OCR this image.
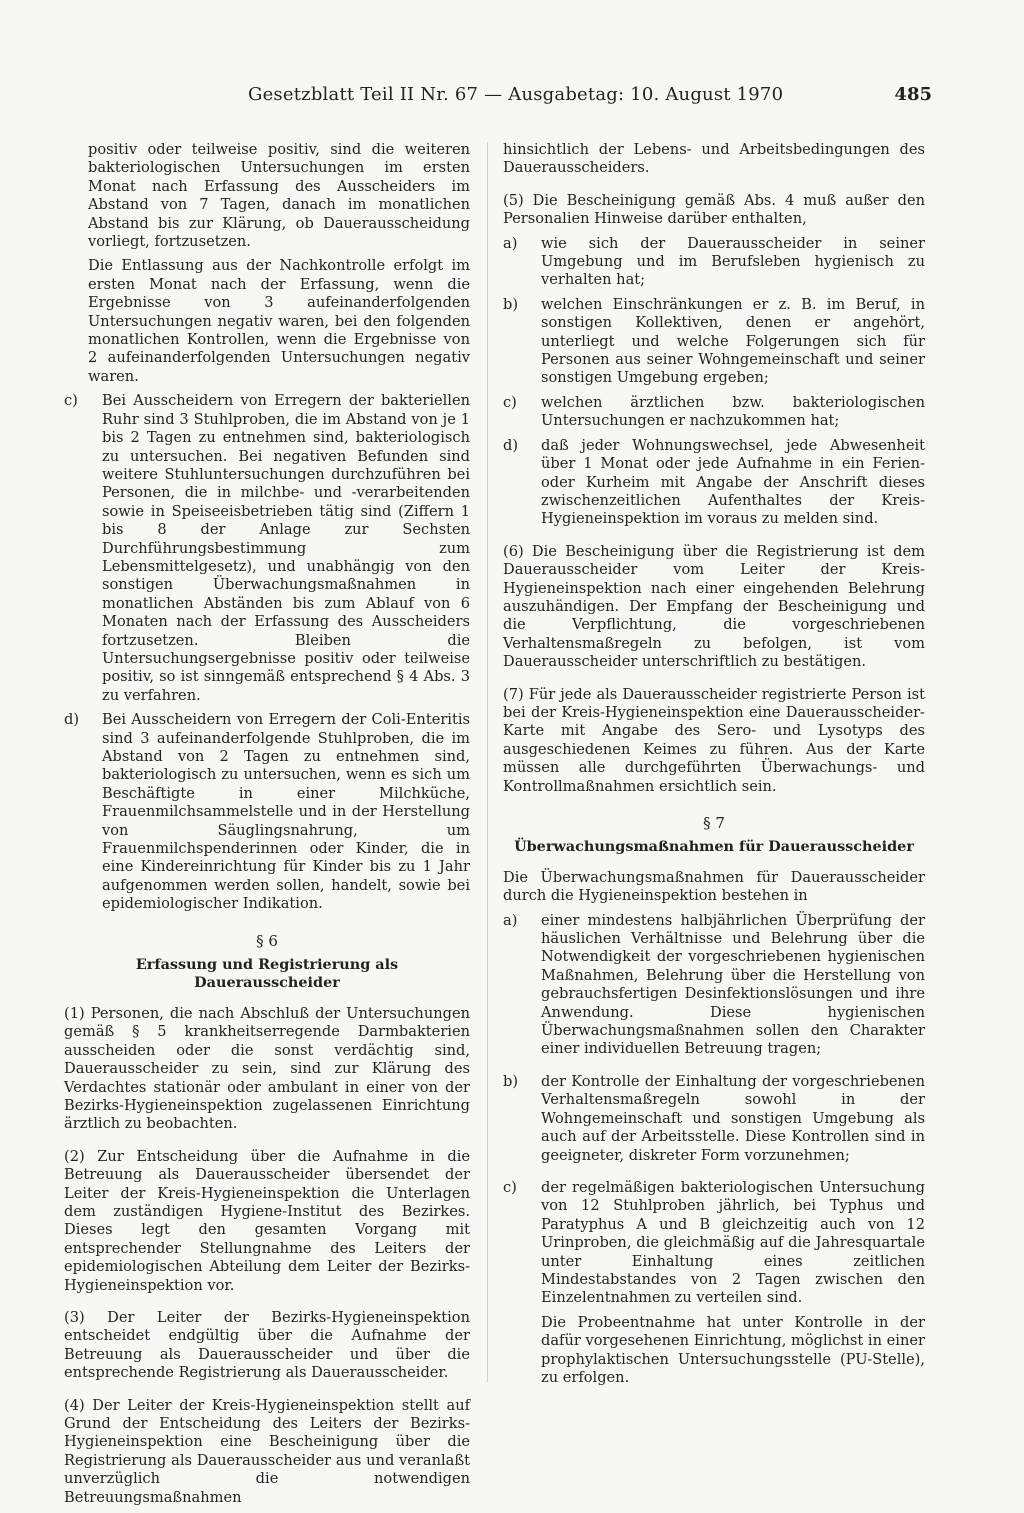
Gesetzblatt Teil II Nr. 67 — Ausgabetag: 10. August 1970	485

positiv oder teilweise positiv, sind die weiteren bakteriologischen Untersuchungen im ersten Monat nach Erfassung des Ausscheiders im Abstand von 7 Tagen, danach im monatlichen Abstand bis zur Klärung, ob Dauerausscheidung vorliegt, fortzusetzen.

Die Entlassung aus der Nachkontrolle erfolgt im ersten Monat nach der Erfassung, wenn die Ergebnisse von 3 aufeinanderfolgenden Untersuchungen negativ waren, bei den folgenden monatlichen Kontrollen, wenn die Ergebnisse von 2 aufeinanderfolgenden Untersuchungen negativ waren.

c)	Bei Ausscheidern von Erregern der bakteriellen Ruhr sind 3 Stuhlproben, die im Abstand von je 1 bis 2 Tagen zu entnehmen sind, bakteriologisch zu untersuchen. Bei negativen Befunden sind weitere Stuhluntersuchungen durchzuführen bei Personen, die in milchbe- und -verarbeitenden sowie in Speiseeisbetrieben tätig sind (Ziffern 1 bis 8 der Anlage zur Sechsten Durchführungsbestimmung zum Lebensmittelgesetz), und unabhängig von den sonstigen Überwachungsmaßnahmen in monatlichen Abständen bis zum Ablauf von 6 Monaten nach der Erfassung des Ausscheiders fortzusetzen. Bleiben die Untersuchungsergebnisse positiv oder teilweise positiv, so ist sinngemäß entsprechend § 4 Abs. 3 zu verfahren.
d)	Bei Ausscheidern von Erregern der Coli-Enteritis sind 3 aufeinanderfolgende Stuhlproben, die im Abstand von 2 Tagen zu entnehmen sind, bakteriologisch zu untersuchen, wenn es sich um Beschäftigte in einer Milchküche, Frauenmilchsammelstelle und in der Herstellung von Säuglingsnahrung, um Frauenmilchspenderinnen oder Kinder, die in eine Kindereinrichtung für Kinder bis zu 1 Jahr aufgenommen werden sollen, handelt, sowie bei epidemiologischer Indikation.
§ 6
Erfassung und Registrierung als Dauerausscheider

(1) Personen, die nach Abschluß der Untersuchungen gemäß § 5 krankheitserregende Darmbakterien ausscheiden oder die sonst verdächtig sind, Dauerausscheider zu sein, sind zur Klärung des Verdachtes stationär oder ambulant in einer von der Bezirks-Hygieneinspektion zugelassenen Einrichtung ärztlich zu beobachten.

(2) Zur Entscheidung über die Aufnahme in die Betreuung als Dauerausscheider übersendet der Leiter der Kreis-Hygieneinspektion die Unterlagen dem zuständigen Hygiene-Institut des Bezirkes. Dieses legt den gesamten Vorgang mit entsprechender Stellungnahme des Leiters der epidemiologischen Abteilung dem Leiter der Bezirks-Hygieneinspektion vor.

(3) Der Leiter der Bezirks-Hygieneinspektion entscheidet endgültig über die Aufnahme der Betreuung als Dauerausscheider und über die entsprechende Registrierung als Dauerausscheider.

(4) Der Leiter der Kreis-Hygieneinspektion stellt auf Grund der Entscheidung des Leiters der Bezirks-Hygieneinspektion eine Bescheinigung über die Registrierung als Dauerausscheider aus und veranlaßt unverzüglich die notwendigen Betreuungsmaßnahmen

hinsichtlich der Lebens- und Arbeitsbedingungen des Dauerausscheiders.

(5) Die Bescheinigung gemäß Abs. 4 muß außer den Personalien Hinweise darüber enthalten,

a)	wie sich der Dauerausscheider in seiner Umgebung und im Berufsleben hygienisch zu verhalten hat;
b)	welchen Einschränkungen er z. B. im Beruf, in sonstigen Kollektiven, denen er angehört, unterliegt und welche Folgerungen sich für Personen aus seiner Wohngemeinschaft und seiner sonstigen Umgebung ergeben;
c)	welchen ärztlichen bzw. bakteriologischen Untersuchungen er nachzukommen hat;
d)	daß jeder Wohnungswechsel, jede Abwesenheit über 1 Monat oder jede Aufnahme in ein Ferien- oder Kurheim mit Angabe der Anschrift dieses zwischenzeitlichen Aufenthaltes der Kreis-Hygieneinspektion im voraus zu melden sind.

(6) Die Bescheinigung über die Registrierung ist dem Dauerausscheider vom Leiter der Kreis-Hygieneinspektion nach einer eingehenden Belehrung auszuhändigen. Der Empfang der Bescheinigung und die Verpflichtung, die vorgeschriebenen Verhaltensmaßregeln zu befolgen, ist vom Dauerausscheider unterschriftlich zu bestätigen.

(7) Für jede als Dauerausscheider registrierte Person ist bei der Kreis-Hygieneinspektion eine Dauerausscheider-Karte mit Angabe des Sero- und Lysotyps des ausgeschiedenen Keimes zu führen. Aus der Karte müssen alle durchgeführten Überwachungs- und Kontrollmaßnahmen ersichtlich sein.

§ 7
Überwachungsmaßnahmen für Dauerausscheider

Die Überwachungsmaßnahmen für Dauerausscheider durch die Hygieneinspektion bestehen in

a)	einer mindestens halbjährlichen Überprüfung der häuslichen Verhältnisse und Belehrung über die Notwendigkeit der vorgeschriebenen hygienischen Maßnahmen, Belehrung über die Herstellung von gebrauchsfertigen Desinfektionslösungen und ihre Anwendung. Diese hygienischen Überwachungsmaßnahmen sollen den Charakter einer individuellen Betreuung tragen;
b)	der Kontrolle der Einhaltung der vorgeschriebenen Verhaltensmaßregeln sowohl in der Wohngemeinschaft und sonstigen Umgebung als auch auf der Arbeitsstelle. Diese Kontrollen sind in geeigneter, diskreter Form vorzunehmen;
c)	der regelmäßigen bakteriologischen Untersuchung von 12 Stuhlproben jährlich, bei Typhus und Paratyphus A und B gleichzeitig auch von 12 Urinproben, die gleichmäßig auf die Jahresquartale unter Einhaltung eines zeitlichen Mindestabstandes von 2 Tagen zwischen den Einzelentnahmen zu verteilen sind.

Die Probeentnahme hat unter Kontrolle in der dafür vorgesehenen Einrichtung, möglichst in einer prophylaktischen Untersuchungsstelle (PU-Stelle), zu erfolgen.
